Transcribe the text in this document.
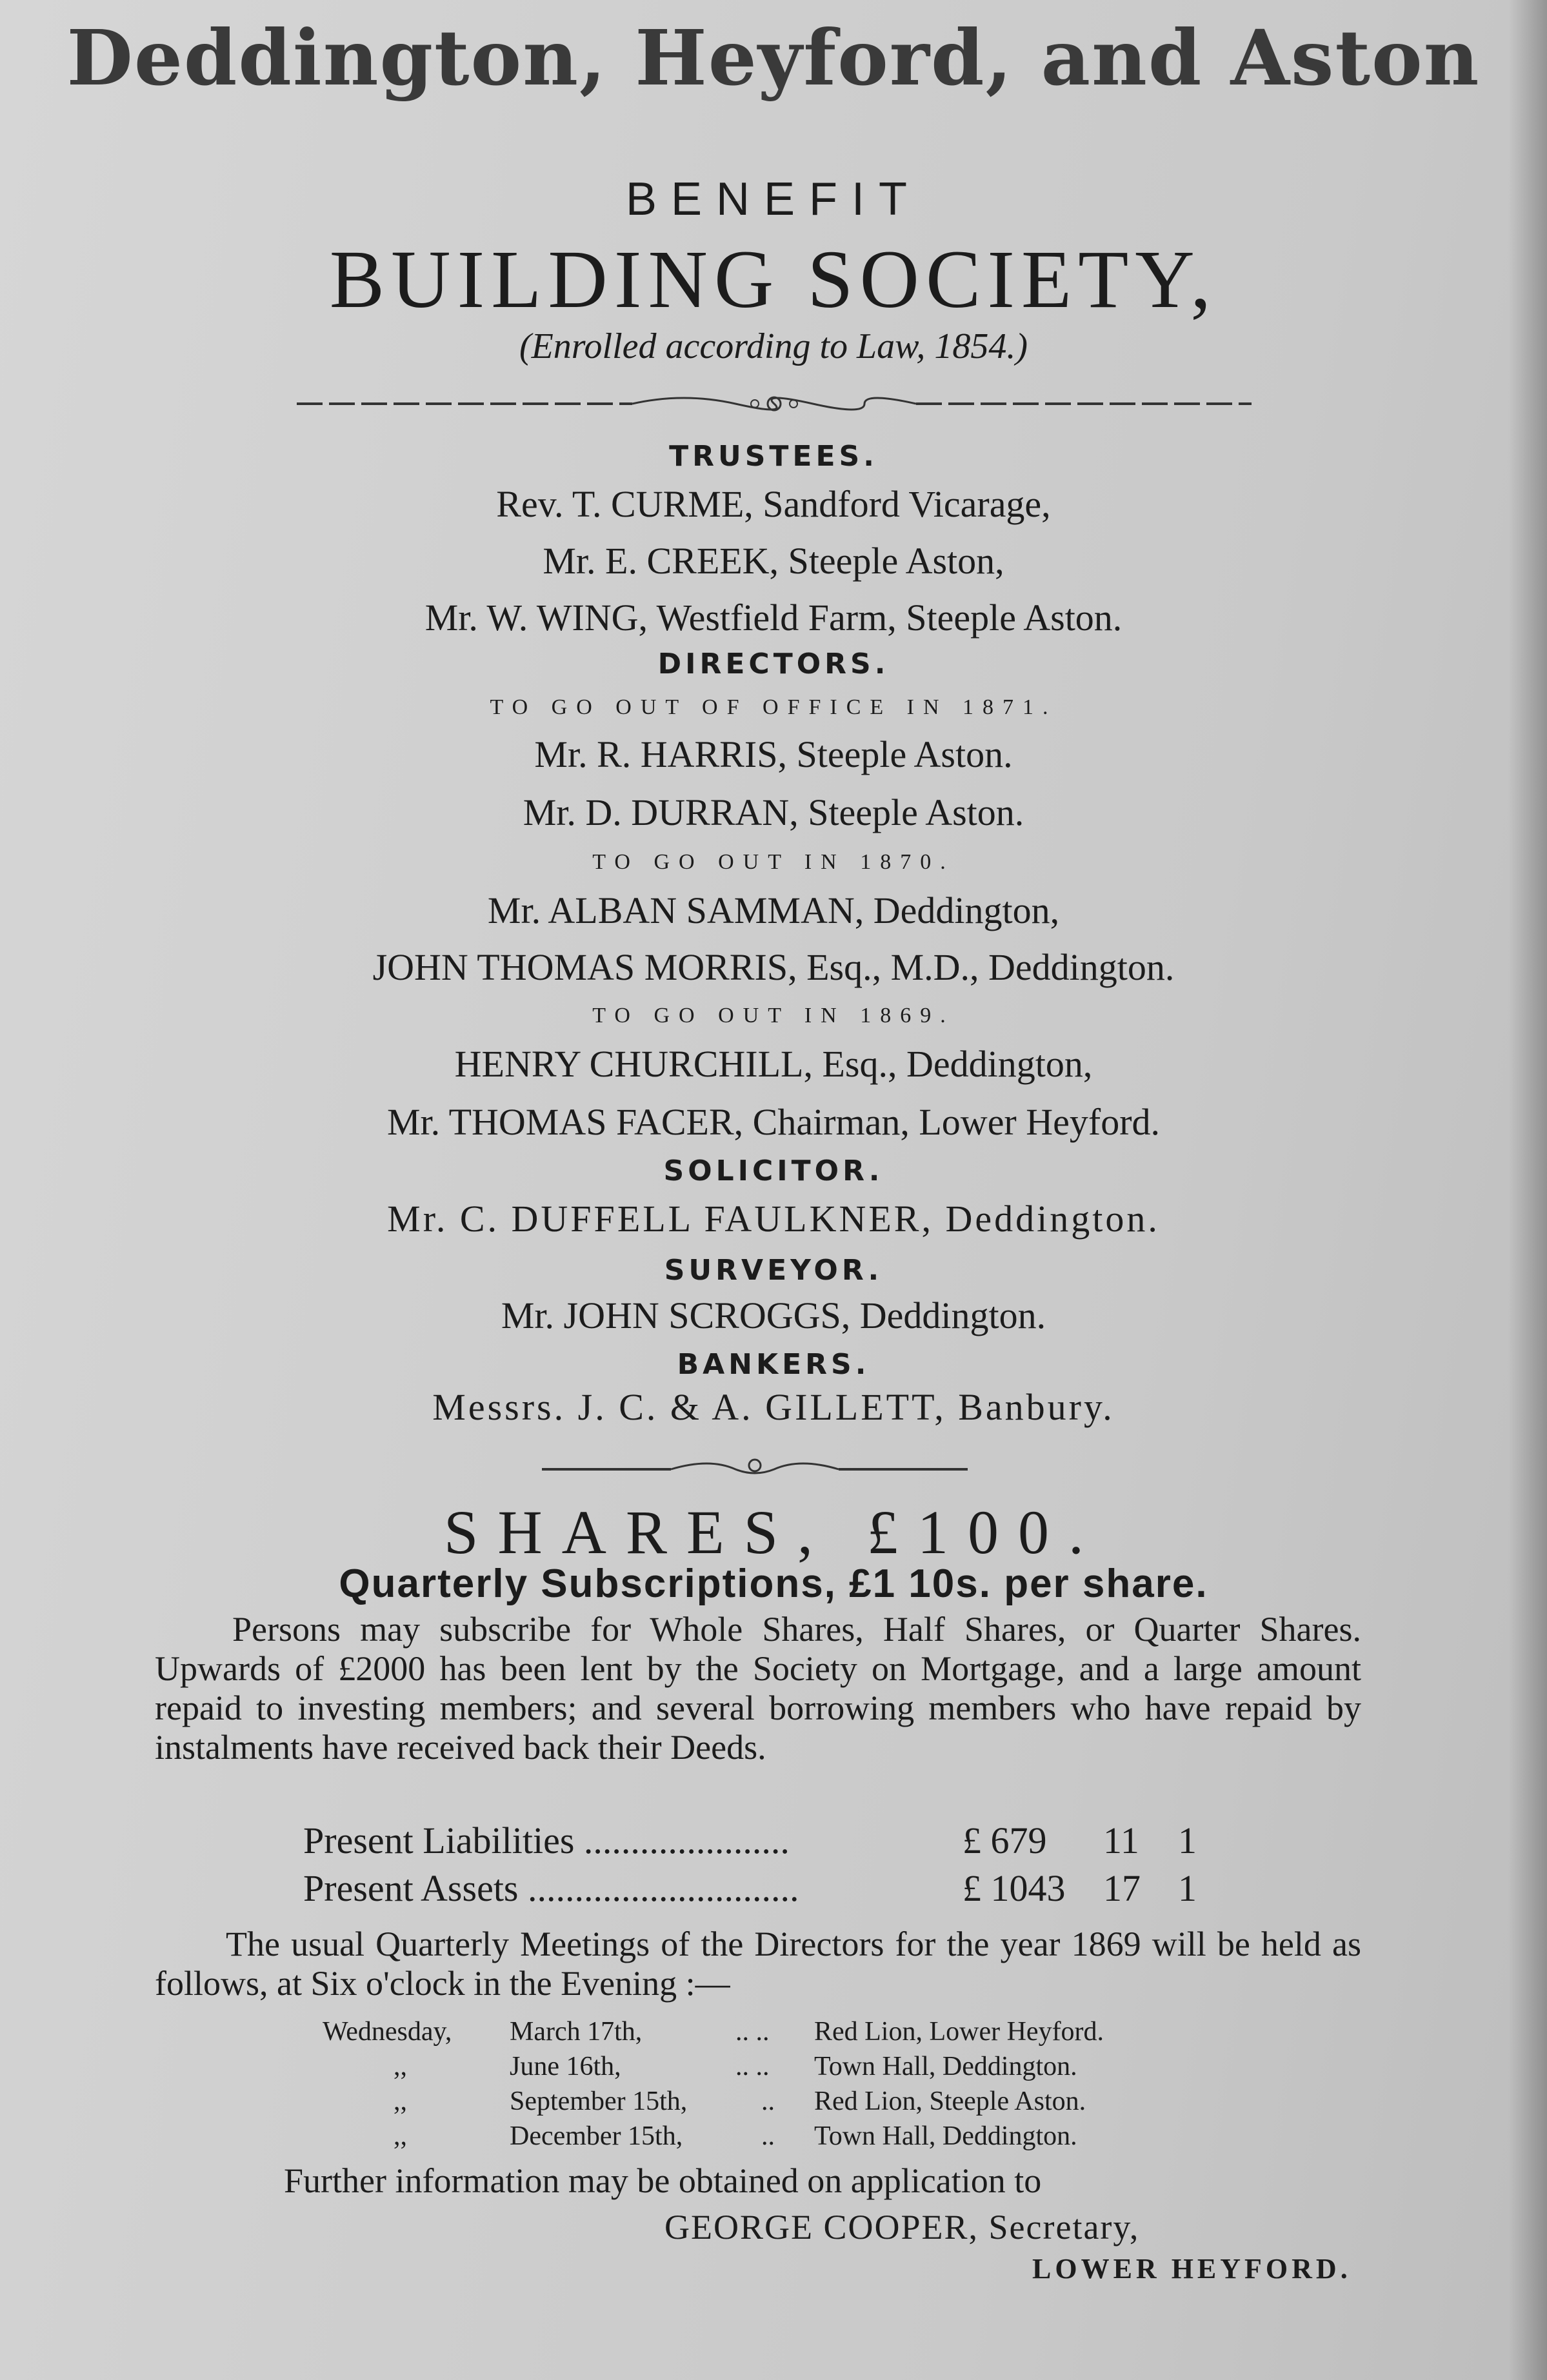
Deddington, Heyford, and Aston
BENEFIT
BUILDING SOCIETY,
(Enrolled according to Law, 1854.)
TRUSTEES.
Rev. T. CURME, Sandford Vicarage,
Mr. E. CREEK, Steeple Aston,
Mr. W. WING, Westfield Farm, Steeple Aston.
DIRECTORS.
TO GO OUT OF OFFICE IN 1871.
Mr. R. HARRIS, Steeple Aston.
Mr. D. DURRAN, Steeple Aston.
TO GO OUT IN 1870.
Mr. ALBAN SAMMAN, Deddington,
JOHN THOMAS MORRIS, Esq., M.D., Deddington.
TO GO OUT IN 1869.
HENRY CHURCHILL, Esq., Deddington,
Mr. THOMAS FACER, Chairman, Lower Heyford.
SOLICITOR.
Mr. C. DUFFELL FAULKNER, Deddington.
SURVEYOR.
Mr. JOHN SCROGGS, Deddington.
BANKERS.
Messrs. J. C. & A. GILLETT, Banbury.
SHARES, £100.
Quarterly Subscriptions, £1 10s. per share.
Persons may subscribe for Whole Shares, Half Shares, or Quarter Shares. Upwards of £2000 has been lent by the Society on Mortgage, and a large amount repaid to investing members; and several borrowing members who have repaid by instalments have received back their Deeds.
Present Liabilities ......................	£ 679 11 1
Present Assets .............................	£ 1043 17 1
The usual Quarterly Meetings of the Directors for the year 1869 will be held as follows, at Six o'clock in the Evening :—
Wednesday, March 17th,	.. .. Red Lion, Lower Heyford.
,,	June 16th,	.. .. Town Hall, Deddington.
,,	September 15th,	.. Red Lion, Steeple Aston.
,,	December 15th,	.. Town Hall, Deddington.
Further information may be obtained on application to
GEORGE COOPER, Secretary,
LOWER HEYFORD.
